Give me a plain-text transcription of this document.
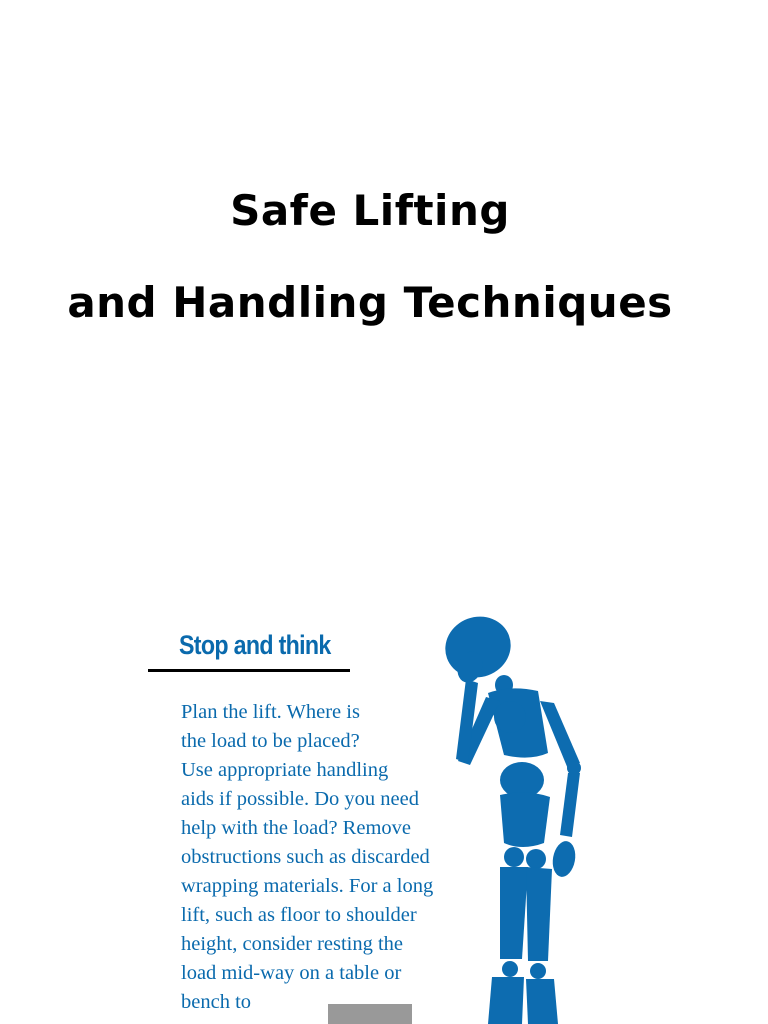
Safe Lifting
and Handling Techniques
Stop and think
Plan the lift. Where is
the load to be placed?
Use appropriate handling
aids if possible. Do you need
help with the load? Remove
obstructions such as discarded
wrapping materials. For a long
lift, such as floor to shoulder
height, consider resting the
load mid-way on a table or
bench to
